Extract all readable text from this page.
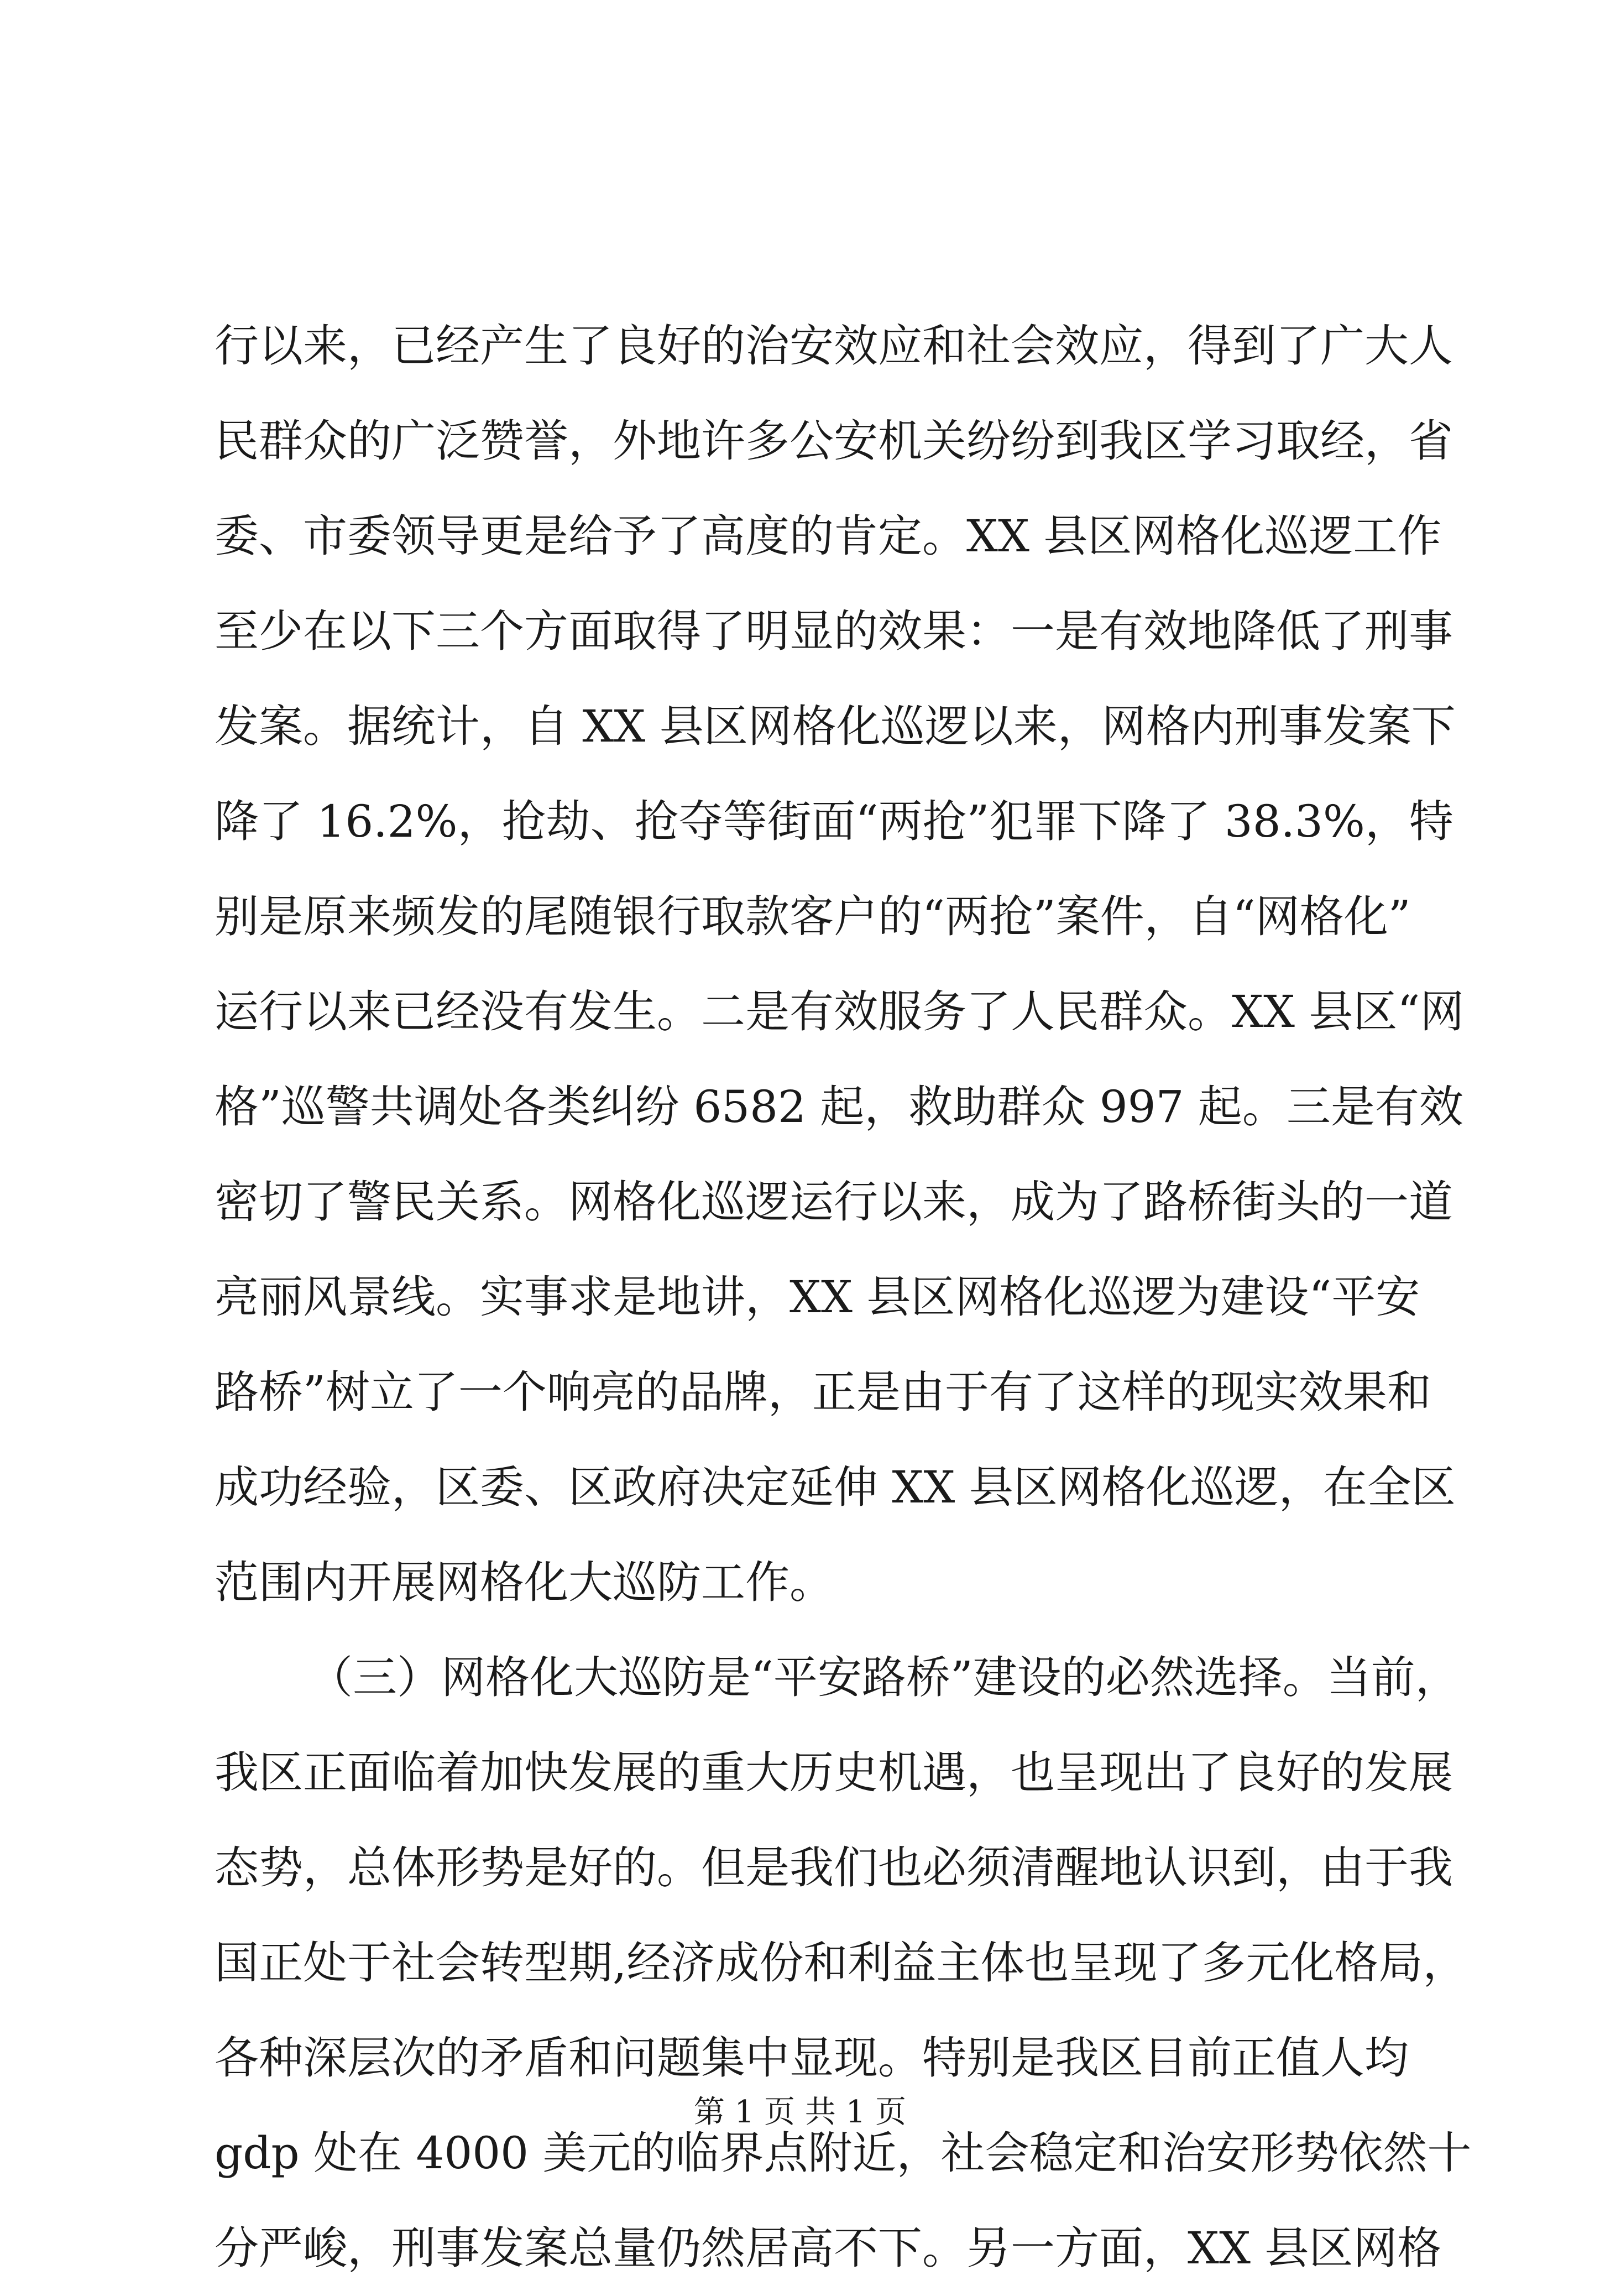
行以来，已经产生了良好的治安效应和社会效应，得到了广大人
民群众的广泛赞誉，外地许多公安机关纷纷到我区学习取经，省
委、市委领导更是给予了高度的肯定。XX 县区网格化巡逻工作
至少在以下三个方面取得了明显的效果：一是有效地降低了刑事
发案。据统计，自 XX 县区网格化巡逻以来，网格内刑事发案下
降了 16.2%，抢劫、抢夺等街面“两抢”犯罪下降了 38.3%，特
别是原来频发的尾随银行取款客户的“两抢”案件，自“网格化”
运行以来已经没有发生。二是有效服务了人民群众。XX 县区“网
格”巡警共调处各类纠纷 6582 起，救助群众 997 起。三是有效
密切了警民关系。网格化巡逻运行以来，成为了路桥街头的一道
亮丽风景线。实事求是地讲，XX 县区网格化巡逻为建设“平安
路桥”树立了一个响亮的品牌，正是由于有了这样的现实效果和
成功经验，区委、区政府决定延伸 XX 县区网格化巡逻，在全区
范围内开展网格化大巡防工作。
（三）网格化大巡防是“平安路桥”建设的必然选择。当前，
我区正面临着加快发展的重大历史机遇，也呈现出了良好的发展
态势，总体形势是好的。但是我们也必须清醒地认识到，由于我
国正处于社会转型期,经济成份和利益主体也呈现了多元化格局，
各种深层次的矛盾和问题集中显现。特别是我区目前正值人均
gdp 处在 4000 美元的临界点附近，社会稳定和治安形势依然十
分严峻，刑事发案总量仍然居高不下。另一方面，XX 县区网格
第 1 页 共 1 页
